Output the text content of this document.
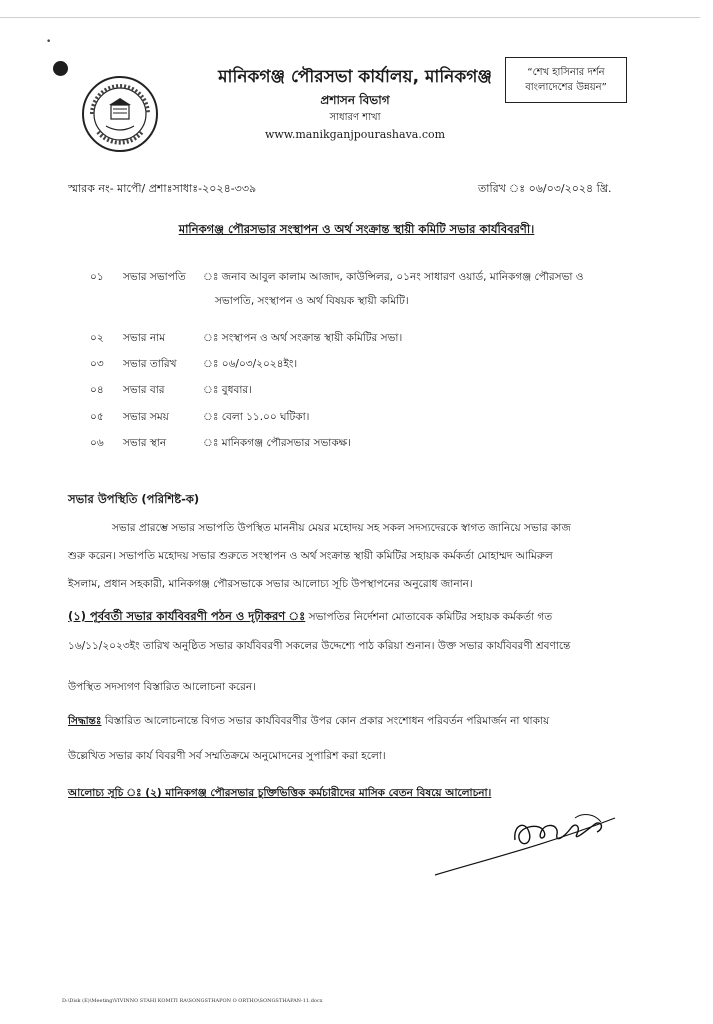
•
মানিকগঞ্জ পৌরসভা কার্যালয়, মানিকগঞ্জ
প্রশাসন বিভাগ
সাধারণ শাখা
www.manikganjpourashava.com
“শেখ হাসিনার দর্শন
বাংলাদেশের উন্নয়ন”
স্মারক নং- মাপৌ/ প্রশাঃসাধাঃ-২০২৪-৩৩৯	তারিখ ঃ ০৬/০৩/২০২৪ খ্রি.
মানিকগঞ্জ পৌরসভার সংস্থাপন ও অর্থ সংক্রান্ত স্থায়ী কমিটি সভার কার্যবিবরণী।
০১	সভার সভাপতি	ঃ জনাব আবুল কালাম আজাদ, কাউন্সিলর, ০১নং সাধারণ ওয়ার্ড, মানিকগঞ্জ পৌরসভা ও
সভাপতি, সংস্থাপন ও অর্থ বিষয়ক স্থায়ী কমিটি।
০২	সভার নাম	ঃ সংস্থাপন ও অর্থ সংক্রান্ত স্থায়ী কমিটির সভা।
০৩	সভার তারিখ	ঃ ০৬/০৩/২০২৪ইং।
০৪	সভার বার	ঃ বুধবার।
০৫	সভার সময়	ঃ বেলা ১১.০০ ঘটিকা।
০৬	সভার স্থান	ঃ মানিকগঞ্জ পৌরসভার সভাকক্ষ।
সভার উপস্থিতি (পরিশিষ্ট-ক)
সভার প্রারম্ভে সভার সভাপতি উপস্থিত মাননীয় মেয়র মহোদয় সহ সকল সদস্যদেরকে স্বাগত জানিয়ে সভার কাজ
শুরু করেন। সভাপতি মহোদয় সভার শুরুতে সংস্থাপন ও অর্থ সংক্রান্ত স্থায়ী কমিটির সহায়ক কর্মকর্তা মোহাম্মদ আমিরুল
ইসলাম, প্রধান সহকারী, মানিকগঞ্জ পৌরসভাকে সভার আলোচ্য সূচি উপস্থাপনের অনুরোধ জানান।
(১) পূর্ববর্তী সভার কার্যবিবরণী পঠন ও দৃঢ়ীকরণ ঃ সভাপতির নির্দেশনা মোতাবেক কমিটির সহায়ক কর্মকর্তা গত
১৬/১১/২০২৩ইং তারিখ অনুষ্ঠিত সভার কার্যবিবরণী সকলের উদ্দেশ্যে পাঠ করিয়া শুনান। উক্ত সভার কার্যবিবরণী শ্রবণান্তে
উপস্থিত সদস্যগণ বিস্তারিত আলোচনা করেন।
সিদ্ধান্তঃ বিস্তারিত আলোচনান্তে বিগত সভার কার্যবিবরণীর উপর কোন প্রকার সংশোধন পরিবর্তন পরিমার্জন না থাকায়
উল্লেখিত সভার কার্য বিবরণী সর্ব সম্মতিক্রমে অনুমোদনের সুপারিশ করা হলো।
আলোচ্য সূচি ঃ (২) মানিকগঞ্জ পৌরসভার চুক্তিভিত্তিক কর্মচারীদের মাসিক বেতন বিষয়ে আলোচনা।
D:\Disk (E)\Meeting\VIVINNO STAHI KOMITI RA\SONGSTHAPON O ORTHO\SONGSTHAPAN-11.docx
